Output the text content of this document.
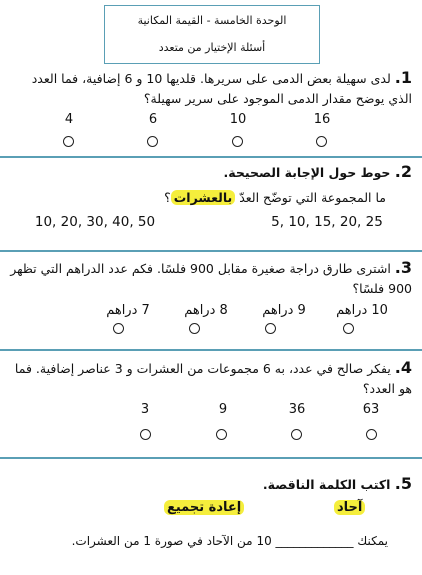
الوحدة الخامسة - القيمة المكانية
أسئلة الإختيار من متعدد
1. لدى سهيلة بعض الدمى على سريرها. قلديها 10 و 6 إضافية، فما العدد الذي يوضح مقدار الدمى الموجود على سرير سهيلة؟
16
10
6
4
2. حوط حول الإجابة الصحيحة.
ما المجموعة التي توضّح العدّ بالعشرات؟
5, 10, 15, 20, 25
10, 20, 30, 40, 50
3. اشترى طارق دراجة صغيرة مقابل 900 فلسًا. فكم عدد الدراهم التي تظهر 900 فلسًا؟
10 دراهم
9 دراهم
8 دراهم
7 دراهم
4. يفكر صالح في عدد، به 6 مجموعات من العشرات و 3 عناصر إضافية. فما هو العدد؟
63
36
9
3
5. اكتب الكلمة الناقصة.
آحاد
إعادة تجميع
يمكنك _____________ 10 من الآحاد في صورة 1 من العشرات.
